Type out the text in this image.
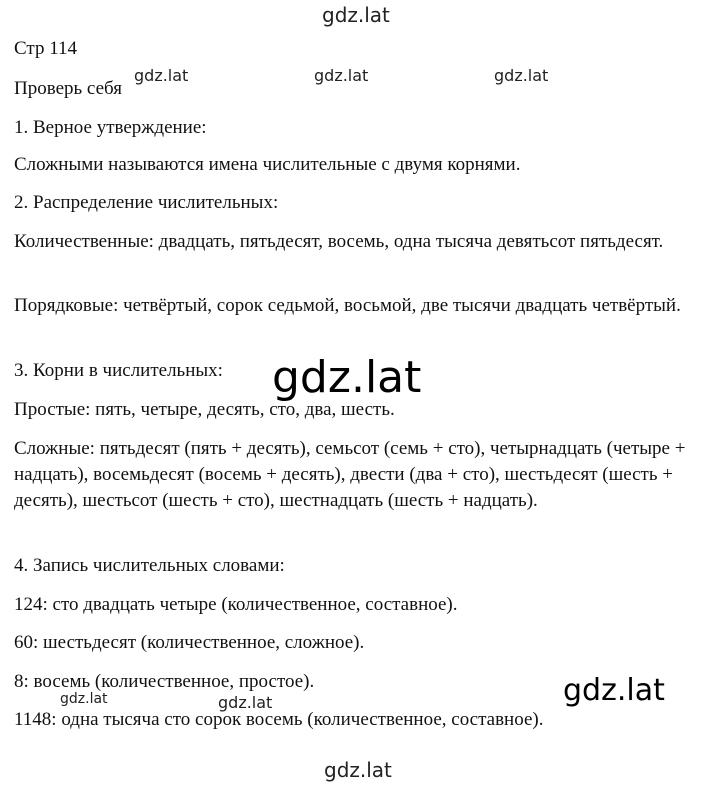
Стр 114

Проверь себя

1. Верное утверждение:

Сложными называются имена числительные с двумя корнями.

2. Распределение числительных:

Количественные: двадцать, пятьдесят, восемь, одна тысяча девятьсот пятьдесят.

Порядковые: четвёртый, сорок седьмой, восьмой, две тысячи двадцать четвёртый.

3. Корни в числительных:

Простые: пять, четыре, десять, сто, два, шесть.

Сложные: пятьдесят (пять + десять), семьсот (семь + сто), четырнадцать (четыре + надцать), восемьдесят (восемь + десять), двести (два + сто), шестьдесят (шесть + десять), шестьсот (шесть + сто), шестнадцать (шесть + надцать).

4. Запись числительных словами:

124: сто двадцать четыре (количественное, составное).

60: шестьдесят (количественное, сложное).

8: восемь (количественное, простое).

1148: одна тысяча сто сорок восемь (количественное, составное).

gdz.lat
gdz.lat	gdz.lat	gdz.lat
gdz.lat
gdz.lat
gdz.lat	gdz.lat
gdz.lat
